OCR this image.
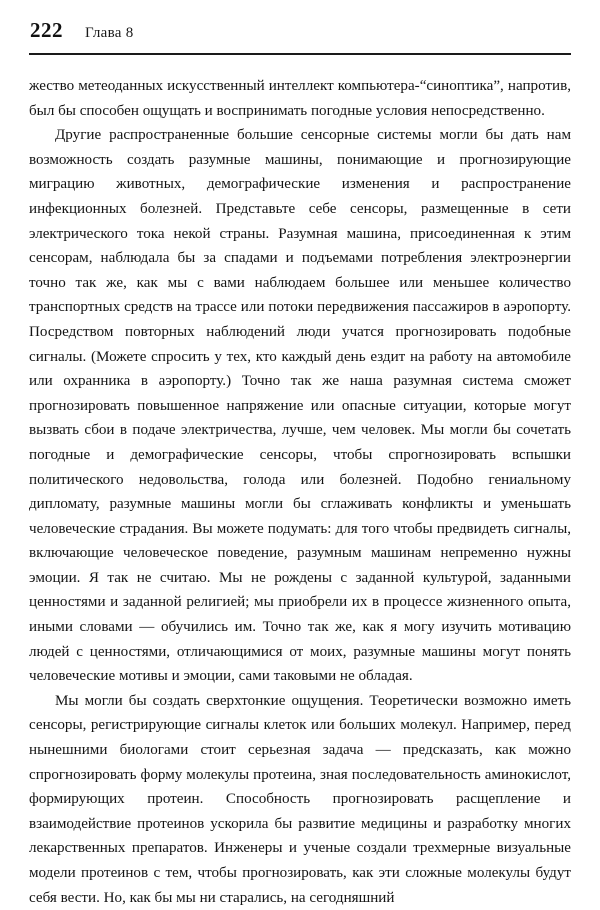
222 Глава 8

жество метеоданных искусственный интеллект компьютера-“синоптика”, напротив, был бы способен ощущать и воспринимать погодные условия непосредственно.

Другие распространенные большие сенсорные системы могли бы дать нам возможность создать разумные машины, понимающие и прогнозирующие миграцию животных, демографические изменения и распространение инфекционных болезней. Представьте себе сенсоры, размещенные в сети электрического тока некой страны. Разумная машина, присоединенная к этим сенсорам, наблюдала бы за спадами и подъемами потребления электроэнергии точно так же, как мы с вами наблюдаем большее или меньшее количество транспортных средств на трассе или потоки передвижения пассажиров в аэропорту. Посредством повторных наблюдений люди учатся прогнозировать подобные сигналы. (Можете спросить у тех, кто каждый день ездит на работу на автомобиле или охранника в аэропорту.) Точно так же наша разумная система сможет прогнозировать повышенное напряжение или опасные ситуации, которые могут вызвать сбои в подаче электричества, лучше, чем человек. Мы могли бы сочетать погодные и демографические сенсоры, чтобы спрогнозировать вспышки политического недовольства, голода или болезней. Подобно гениальному дипломату, разумные машины могли бы сглаживать конфликты и уменьшать человеческие страдания. Вы можете подумать: для того чтобы предвидеть сигналы, включающие человеческое поведение, разумным машинам непременно нужны эмоции. Я так не считаю. Мы не рождены с заданной культурой, заданными ценностями и заданной религией; мы приобрели их в процессе жизненного опыта, иными словами — обучились им. Точно так же, как я могу изучить мотивацию людей с ценностями, отличающимися от моих, разумные машины могут понять человеческие мотивы и эмоции, сами таковыми не обладая.

Мы могли бы создать сверхтонкие ощущения. Теоретически возможно иметь сенсоры, регистрирующие сигналы клеток или больших молекул. Например, перед нынешними биологами стоит серьезная задача — предсказать, как можно спрогнозировать форму молекулы протеина, зная последовательность аминокислот, формирующих протеин. Способность прогнозировать расщепление и взаимодействие протеинов ускорила бы развитие медицины и разработку многих лекарственных препаратов. Инженеры и ученые создали трехмерные визуальные модели протеинов с тем, чтобы прогнозировать, как эти сложные молекулы будут себя вести. Но, как бы мы ни старались, на сегодняшний
